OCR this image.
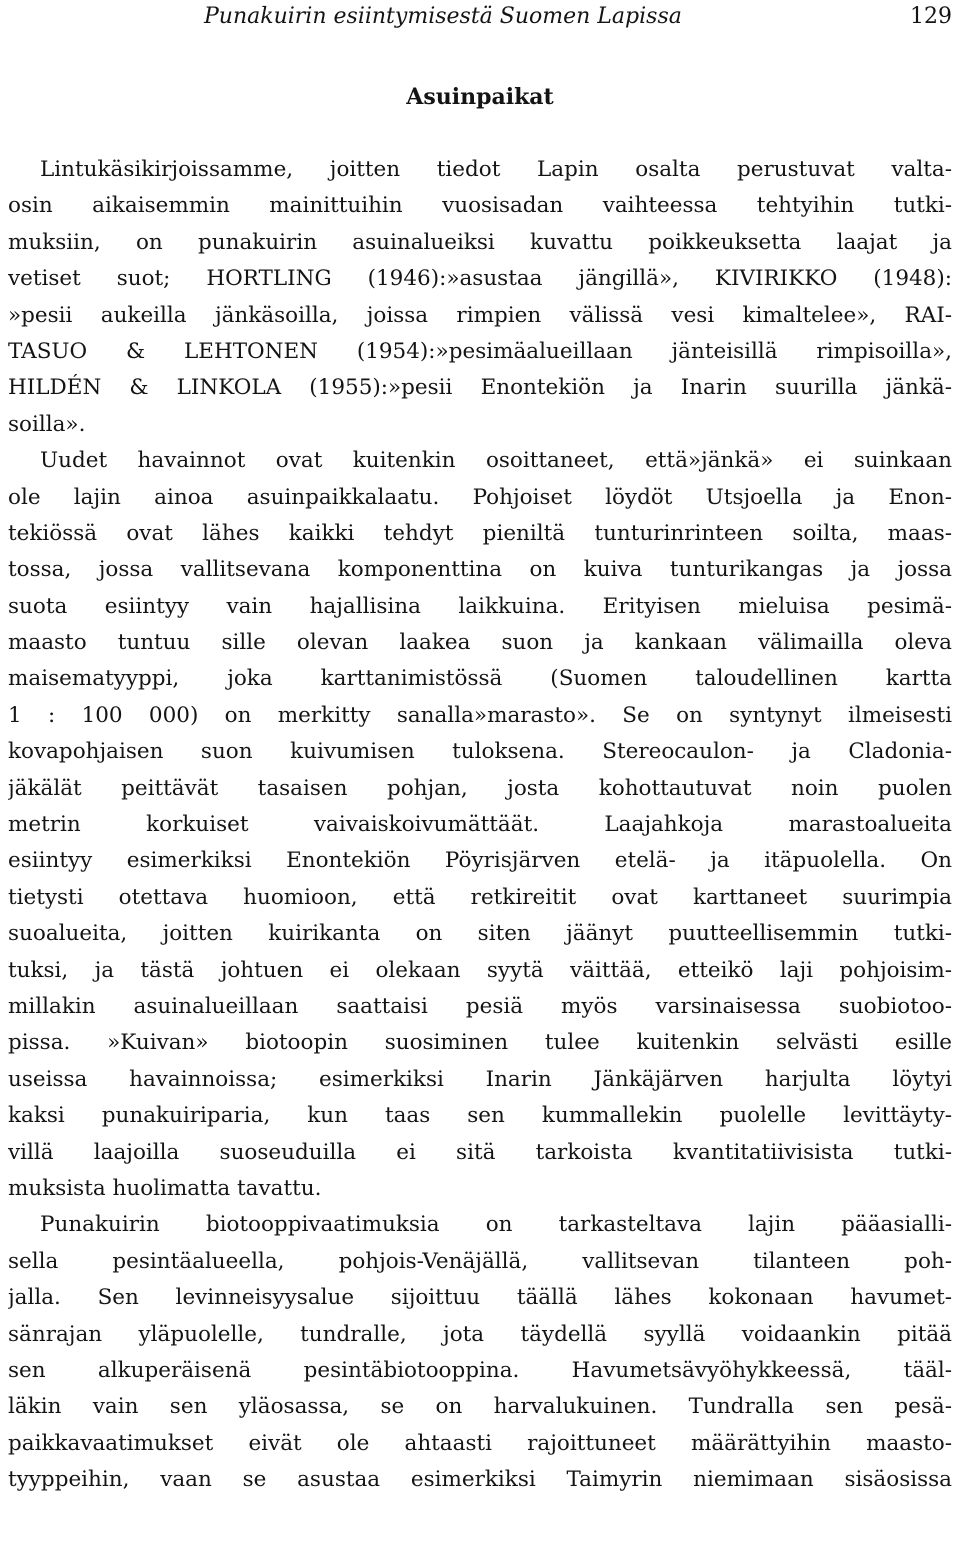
Punakuirin esiintymisestä Suomen Lapissa	129
Asuinpaikat
Lintukäsikirjoissamme, joitten tiedot Lapin osalta perustuvat valta-
osin aikaisemmin mainittuihin vuosisadan vaihteessa tehtyihin tutki-
muksiin, on punakuirin asuinalueiksi kuvattu poikkeuksetta laajat ja
vetiset suot; HORTLING (1946):»asustaa jängillä», KIVIRIKKO (1948):
»pesii aukeilla jänkäsoilla, joissa rimpien välissä vesi kimaltelee», RAI-
TASUO & LEHTONEN (1954):»pesimäalueillaan jänteisillä rimpisoilla»,
HILDÉN & LINKOLA (1955):»pesii Enontekiön ja Inarin suurilla jänkä-
soilla».
Uudet havainnot ovat kuitenkin osoittaneet, että»jänkä» ei suinkaan
ole lajin ainoa asuinpaikkalaatu. Pohjoiset löydöt Utsjoella ja Enon-
tekiössä ovat lähes kaikki tehdyt pieniltä tunturinrinteen soilta, maas-
tossa, jossa vallitsevana komponenttina on kuiva tunturikangas ja jossa
suota esiintyy vain hajallisina laikkuina. Erityisen mieluisa pesimä-
maasto tuntuu sille olevan laakea suon ja kankaan välimailla oleva
maisematyyppi, joka karttanimistössä (Suomen taloudellinen kartta
1 : 100 000) on merkitty sanalla»marasto». Se on syntynyt ilmeisesti
kovapohjaisen suon kuivumisen tuloksena. Stereocaulon- ja Cladonia-
jäkälät peittävät tasaisen pohjan, josta kohottautuvat noin puolen
metrin korkuiset vaivaiskoivumättäät. Laajahkoja marastoalueita
esiintyy esimerkiksi Enontekiön Pöyrisjärven etelä- ja itäpuolella. On
tietysti otettava huomioon, että retkireitit ovat karttaneet suurimpia
suoalueita, joitten kuirikanta on siten jäänyt puutteellisemmin tutki-
tuksi, ja tästä johtuen ei olekaan syytä väittää, etteikö laji pohjoisim-
millakin asuinalueillaan saattaisi pesiä myös varsinaisessa suobiotoo-
pissa. »Kuivan» biotoopin suosiminen tulee kuitenkin selvästi esille
useissa havainnoissa; esimerkiksi Inarin Jänkäjärven harjulta löytyi
kaksi punakuiriparia, kun taas sen kummallekin puolelle levittäyty-
villä laajoilla suoseuduilla ei sitä tarkoista kvantitatiivisista tutki-
muksista huolimatta tavattu.
Punakuirin biotooppivaatimuksia on tarkasteltava lajin pääasialli-
sella pesintäalueella, pohjois-Venäjällä, vallitsevan tilanteen poh-
jalla. Sen levinneisyysalue sijoittuu täällä lähes kokonaan havumet-
sänrajan yläpuolelle, tundralle, jota täydellä syyllä voidaankin pitää
sen alkuperäisenä pesintäbiotooppina. Havumetsävyöhykkeessä, tääl-
läkin vain sen yläosassa, se on harvalukuinen. Tundralla sen pesä-
paikkavaatimukset eivät ole ahtaasti rajoittuneet määrättyihin maasto-
tyyppeihin, vaan se asustaa esimerkiksi Taimyrin niemimaan sisäosissa
